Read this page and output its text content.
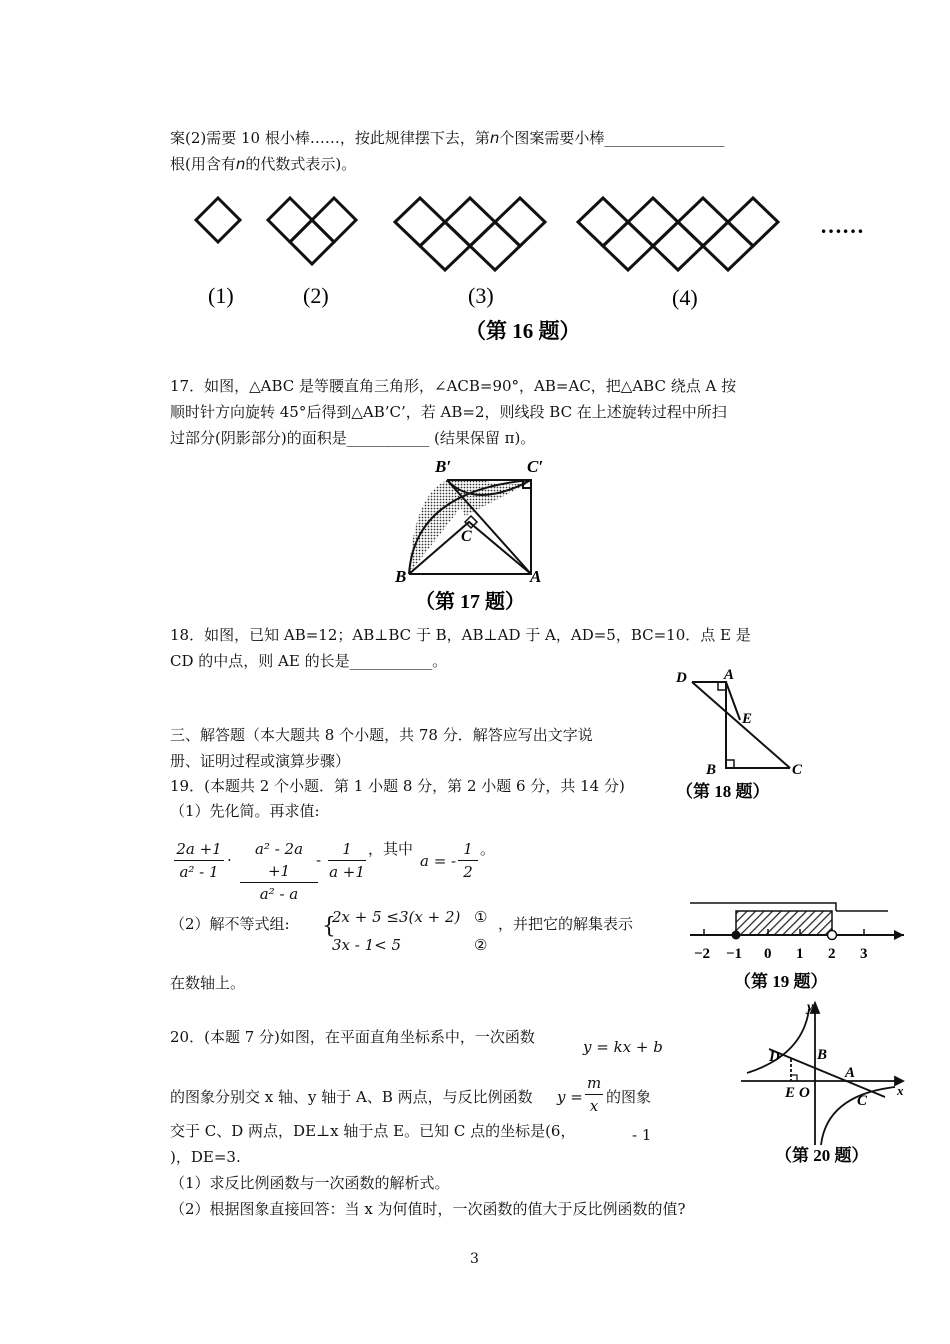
案(2)需要 10 根小棒……，按此规律摆下去，第n个图案需要小棒________________
根(用含有n的代数式表示)。
……
(1)	(2)	(3)	(4)
（第 16 题）
17．如图，△ABC 是等腰直角三角形，∠ACB=90°，AB=AC，把△ABC 绕点 A 按
顺时针方向旋转 45°后得到△AB’C’，若 AB=2，则线段 BC 在上述旋转过程中所扫
过部分(阴影部分)的面积是___________ (结果保留 π)。
B′	C′
C
B	A
（第 17 题）
18．如图，已知 AB=12；AB⊥BC 于 B，AB⊥AD 于 A，AD=5，BC=10．点 E 是
CD 的中点，则 AE 的长是___________。
D A
E
B	C
（第 18 题）
三、解答题（本大题共 8 个小题，共 78 分．解答应写出文字说
册、证明过程或演算步骤）
19．(本题共 2 个小题．第 1 小题 8 分，第 2 小题 6 分，共 14 分)
（1）先化简。再求值:
$\frac{2a +1}{\text{a² - 1}} \cdot \frac{\text{a² - 2a +1}}{\text{a² - a}}$
- $\frac{1}{a +1}$ ，其中
a = - $\frac{1}{2}$ 。
（2）解不等式组: {
2x + 5 ≤3(x + 2)
3x - 1< 5
①
②
，并把它的解集表示
在数轴上。
−2 −1 0 1 2 3
（第 19 题）
20．(本题 7 分)如图，在平面直角坐标系中，一次函数
y = kx + b
的图象分别交 x 轴、y 轴于 A、B 两点，与反比例函数 $y = \frac{m}{x}$ 的图象
交于 C、D 两点，DE⊥x 轴于点 E。已知 C 点的坐标是(6，	- 1
)，DE=3.
（1）求反比例函数与一次函数的解析式。
（2）根据图象直接回答：当 x 为何值时，一次函数的值大于反比例函数的值?
y
D B
A
E O	C
x
（第 20 题）
3
